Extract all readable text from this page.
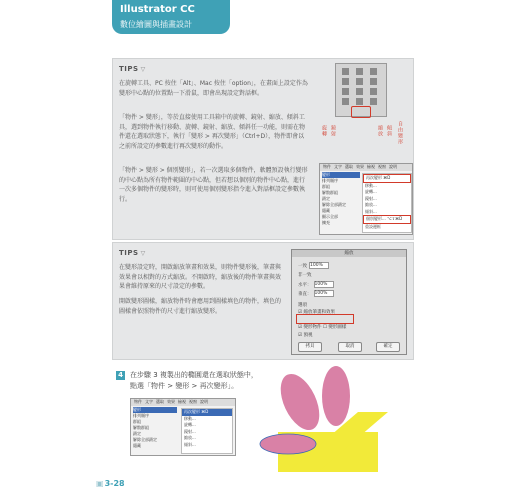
Illustrator CC
數位繪圖與插畫設計
TIPS ▽
在旋轉工具、PC 按住「Alt」、Mac 按住「option」，在畫面上設定作為變形中心點的位置點一下滑鼠，即會出現設定對話框。
「物件 > 變形」，等於直接使用工具箱中的旋轉、鏡射、縮放、傾斜工具，選到物件執行移動、旋轉、鏡射、縮放、傾斜任一功能，則需在物件還在選取狀態下，執行「變形 > 再次變形」（Ctrl+D），物件即會以之前所設定的參數進行再次變形的動作。
「物件 > 變形 > 個別變形」，若一次選取多個物件，軟體預設執行變形的中心點為所有物件範圍的中心點，但若想以個別的物件中心點，進行一次多個物件的變形時，則可使用個別變形指令進入對話框設定參數執行。
旋轉 鏡射	縮放 傾斜 自由變形
物件 文字 選取 效果 檢視 視窗 說明
變形
排列順序
群組
解散群組
鎖定
解除全部鎖定
隱藏
顯示全部
擴充
再次變形 ⌘D
移動...
旋轉...
鏡射...
縮放...
傾斜...
個別變形... ⌥⇧⌘D
重設邊框
TIPS ▽
在變形設定時，開啟縮放筆畫和效果，則物件變形後，筆畫與效果會以相對的方式縮放。不開啟時，縮放後的物件筆畫與效果會維持原來的尺寸設定的參數。
開啟變形圖樣，縮放物件時會應用到圖樣填色的物件，填色的圖樣會依照物件的尺寸進行縮放變形。
縮放
一致 100%
非一致
水平： 100%
垂直： 100%
選項
☑ 縮放筆畫和效果
☑ 變形物件 ☐ 變形圖樣
☑ 預視
拷貝	取消	確定
4 在步驟 3 複製出的橢圓還在選取狀態中，
點選「物件 > 變形 > 再次變形」。
物件 文字 選取 效果 檢視 視窗 說明
變形
排列順序
群組
解散群組
鎖定
解除全部鎖定
隱藏
再次變形 ⌘D
移動...
旋轉...
鏡射...
縮放...
傾斜...
▣3-28
